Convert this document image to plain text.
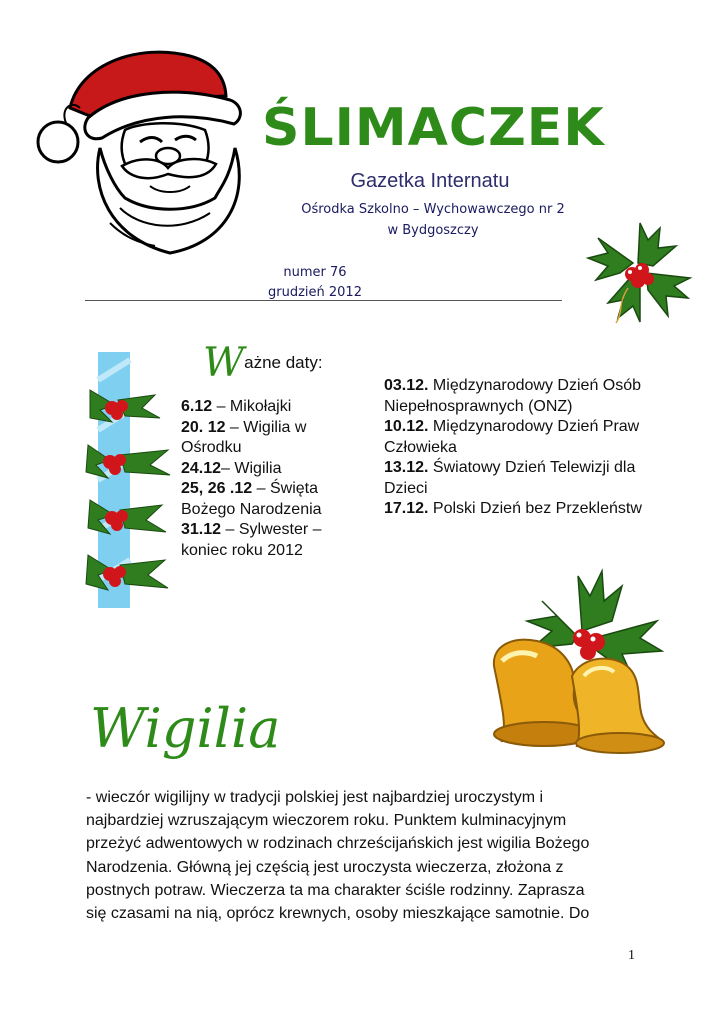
ŚLIMACZEK
Gazetka Internatu
Ośrodka Szkolno – Wychowawczego nr 2
w Bydgoszczy
numer 76
grudzień 2012
Ważne daty:

6.12 – Mikołajki

20. 12 – Wigilia w Ośrodku

24.12– Wigilia

25, 26 .12 – Święta Bożego Narodzenia

31.12 – Sylwester – koniec roku 2012

03.12. Międzynarodowy Dzień Osób Niepełnosprawnych (ONZ)

10.12. Międzynarodowy Dzień Praw Człowieka

13.12. Światowy Dzień Telewizji dla Dzieci

17.12. Polski Dzień bez Przekleństw

Wigilia
- wieczór wigilijny w tradycji polskiej jest najbardziej uroczystym i
najbardziej wzruszającym wieczorem roku. Punktem kulminacyjnym
przeżyć adwentowych w rodzinach chrześcijańskich jest wigilia Bożego
Narodzenia. Główną jej częścią jest uroczysta wieczerza, złożona z
postnych potraw. Wieczerza ta ma charakter ściśle rodzinny. Zaprasza
się czasami na nią, oprócz krewnych, osoby mieszkające samotnie. Do
1
